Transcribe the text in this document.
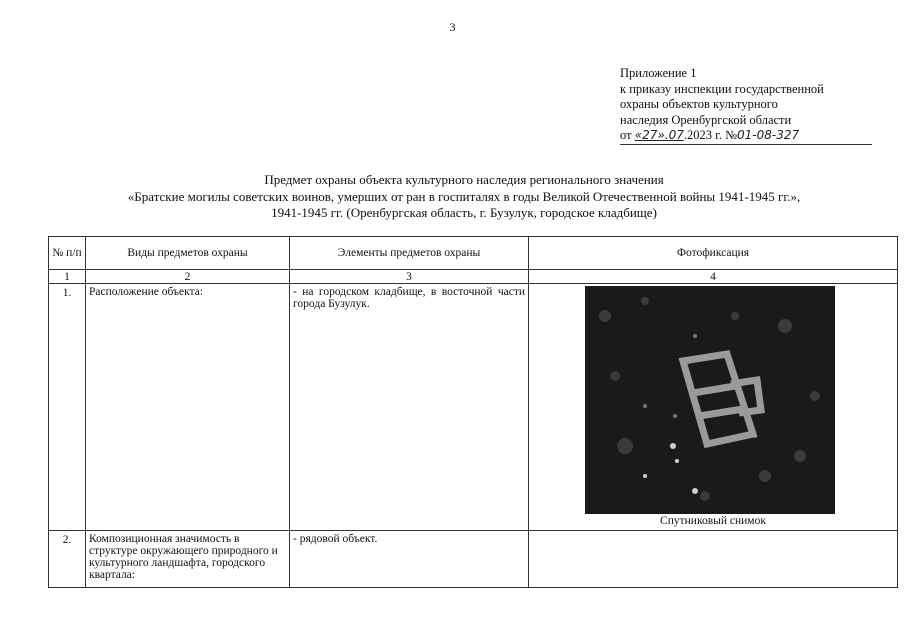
3
Приложение 1
к приказу инспекции государственной
охраны объектов культурного
наследия Оренбургской области
от «27».07.2023 г. №01-08-327
Предмет охраны объекта культурного наследия регионального значения
«Братские могилы советских воинов, умерших от ран в госпиталях в годы Великой Отечественной войны 1941-1945 гг.»,
1941-1945 гг. (Оренбургская область, г. Бузулук, городское кладбище)
№ п/п	Виды предметов охраны	Элементы предметов охраны	Фотофиксация
1	2	3	4
1.	Расположение объекта:	- на городском кладбище, в восточной части города Бузулук.	Спутниковый снимок

2.	Композиционная значимость в структуре окружающего природного и культурного ландшафта, городского квартала:	- рядовой объект.	
